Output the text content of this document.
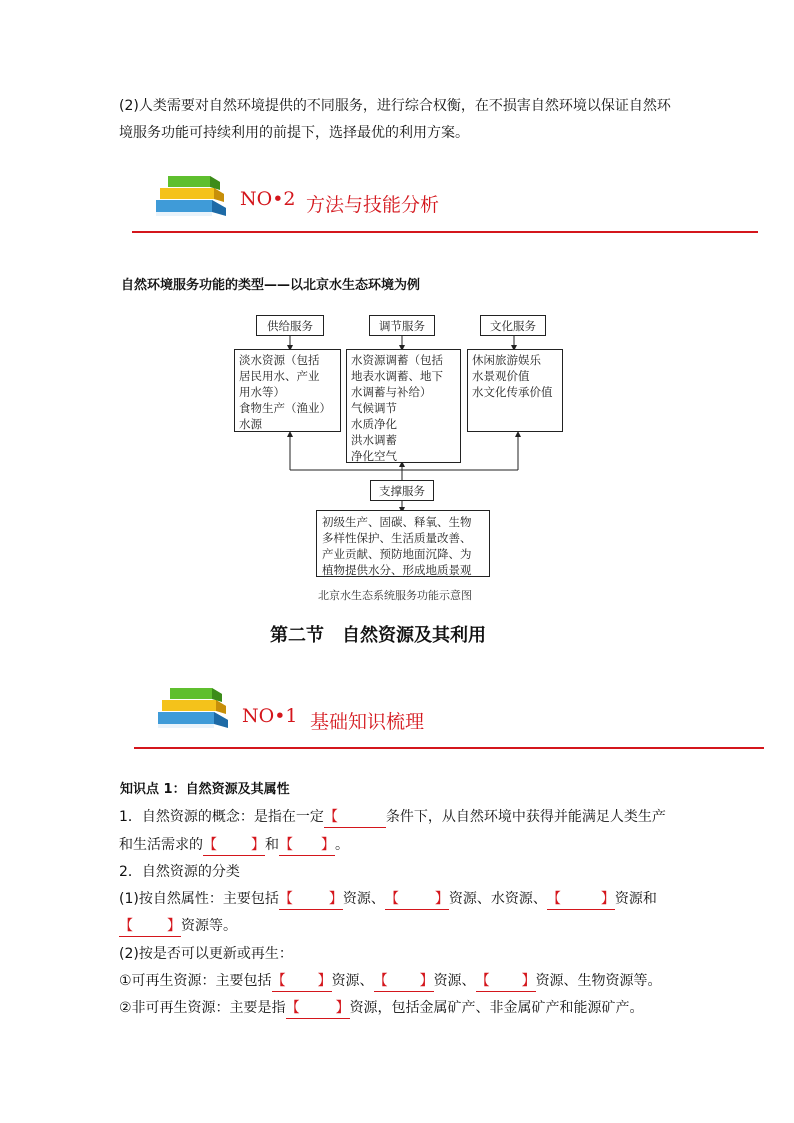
(2)人类需要对自然环境提供的不同服务，进行综合权衡，在不损害自然环境以保证自然环
境服务功能可持续利用的前提下，选择最优的利用方案。
NO•2 方法与技能分析
自然环境服务功能的类型——以北京水生态环境为例
供给服务	调节服务	文化服务
淡水资源（包括
居民用水、产业
用水等）
食物生产（渔业）
水源
水资源调蓄（包括
地表水调蓄、地下
水调蓄与补给）
气候调节
水质净化
洪水调蓄
净化空气
休闲旅游娱乐
水景观价值
水文化传承价值
支撑服务
初级生产、固碳、释氧、生物
多样性保护、生活质量改善、
产业贡献、预防地面沉降、为
植物提供水分、形成地质景观
北京水生态系统服务功能示意图
第二节　自然资源及其利用
NO•1 基础知识梳理
知识点 1：自然资源及其属性
1．自然资源的概念：是指在一定【	条件下，从自然环境中获得并能满足人类生产
和生活需求的【 】和【 】。
2．自然资源的分类
(1)按自然属性：主要包括【	】资源、【	】资源、水资源、【	】资源和
【 】资源等。
(2)按是否可以更新或再生：
①可再生资源：主要包括【 】资源、【 】资源、【 】资源、生物资源等。
②非可再生资源：主要是指【	】资源，包括金属矿产、非金属矿产和能源矿产。
